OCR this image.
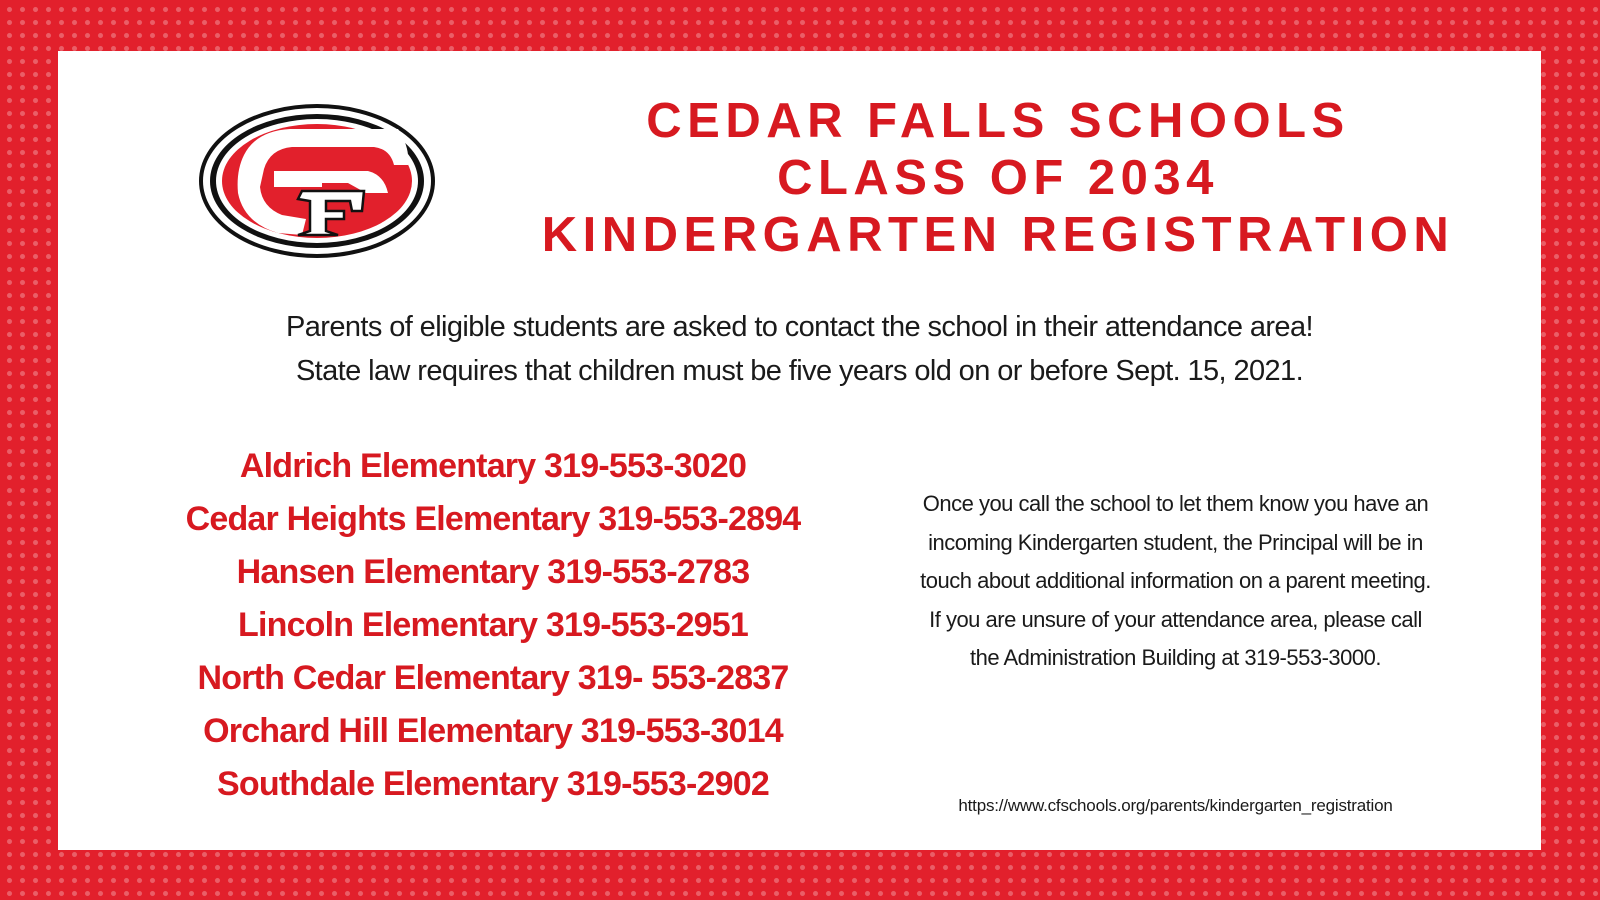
CEDAR FALLS SCHOOLS
CLASS OF 2034
KINDERGARTEN REGISTRATION
Parents of eligible students are asked to contact the school in their attendance area!
State law requires that children must be five years old on or before Sept. 15, 2021.
Aldrich Elementary 319-553-3020
Cedar Heights Elementary 319-553-2894
Hansen Elementary 319-553-2783
Lincoln Elementary 319-553-2951
North Cedar Elementary 319- 553-2837
Orchard Hill Elementary 319-553-3014
Southdale Elementary 319-553-2902
Once you call the school to let them know you have an
incoming Kindergarten student, the Principal will be in
touch about additional information on a parent meeting.
If you are unsure of your attendance area, please call
the Administration Building at 319-553-3000.
https://www.cfschools.org/parents/kindergarten_registration
